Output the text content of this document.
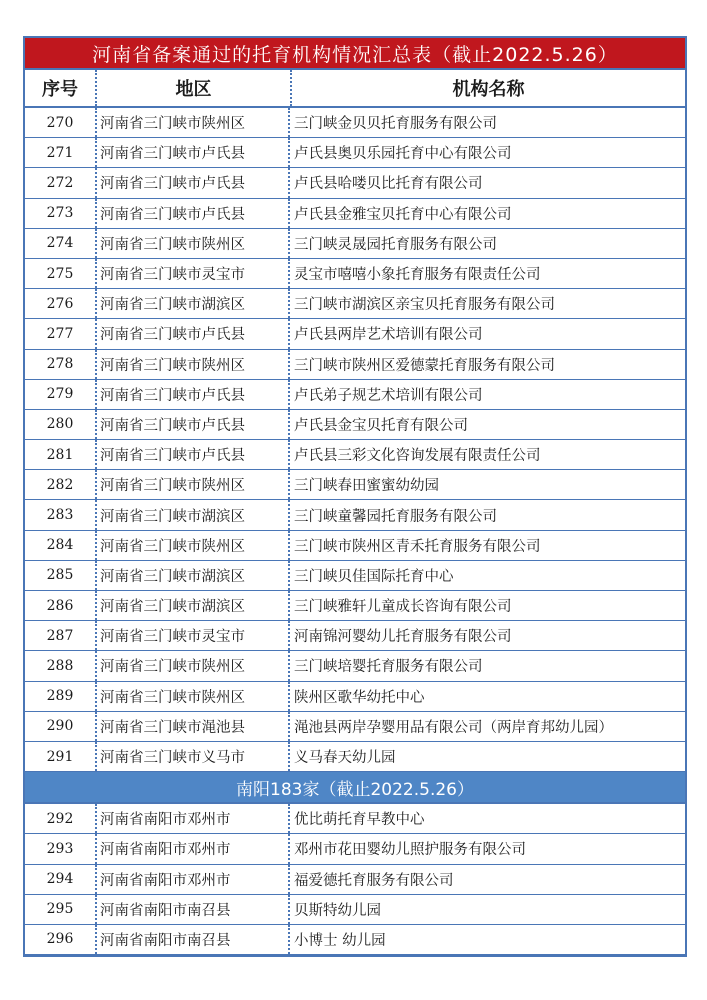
河南省备案通过的托育机构情况汇总表（截止2022.5.26）
序号	地区	机构名称
270	河南省三门峡市陕州区	三门峡金贝贝托育服务有限公司
271	河南省三门峡市卢氏县	卢氏县奥贝乐园托育中心有限公司
272	河南省三门峡市卢氏县	卢氏县哈喽贝比托育有限公司
273	河南省三门峡市卢氏县	卢氏县金雅宝贝托育中心有限公司
274	河南省三门峡市陕州区	三门峡灵晟园托育服务有限公司
275	河南省三门峡市灵宝市	灵宝市嘻嘻小象托育服务有限责任公司
276	河南省三门峡市湖滨区	三门峡市湖滨区亲宝贝托育服务有限公司
277	河南省三门峡市卢氏县	卢氏县两岸艺术培训有限公司
278	河南省三门峡市陕州区	三门峡市陕州区爱德蒙托育服务有限公司
279	河南省三门峡市卢氏县	卢氏弟子规艺术培训有限公司
280	河南省三门峡市卢氏县	卢氏县金宝贝托育有限公司
281	河南省三门峡市卢氏县	卢氏县三彩文化咨询发展有限责任公司
282	河南省三门峡市陕州区	三门峡春田蜜蜜幼幼园
283	河南省三门峡市湖滨区	三门峡童馨园托育服务有限公司
284	河南省三门峡市陕州区	三门峡市陕州区青禾托育服务有限公司
285	河南省三门峡市湖滨区	三门峡贝佳国际托育中心
286	河南省三门峡市湖滨区	三门峡雅轩儿童成长咨询有限公司
287	河南省三门峡市灵宝市	河南锦河婴幼儿托育服务有限公司
288	河南省三门峡市陕州区	三门峡培婴托育服务有限公司
289	河南省三门峡市陕州区	陕州区歌华幼托中心
290	河南省三门峡市渑池县	渑池县两岸孕婴用品有限公司（两岸育邦幼儿园）
291	河南省三门峡市义马市	义马春天幼儿园
南阳183家（截止2022.5.26）
292	河南省南阳市邓州市	优比萌托育早教中心
293	河南省南阳市邓州市	邓州市花田婴幼儿照护服务有限公司
294	河南省南阳市邓州市	福爱德托育服务有限公司
295	河南省南阳市南召县	贝斯特幼儿园
296	河南省南阳市南召县	小博士 幼儿园
